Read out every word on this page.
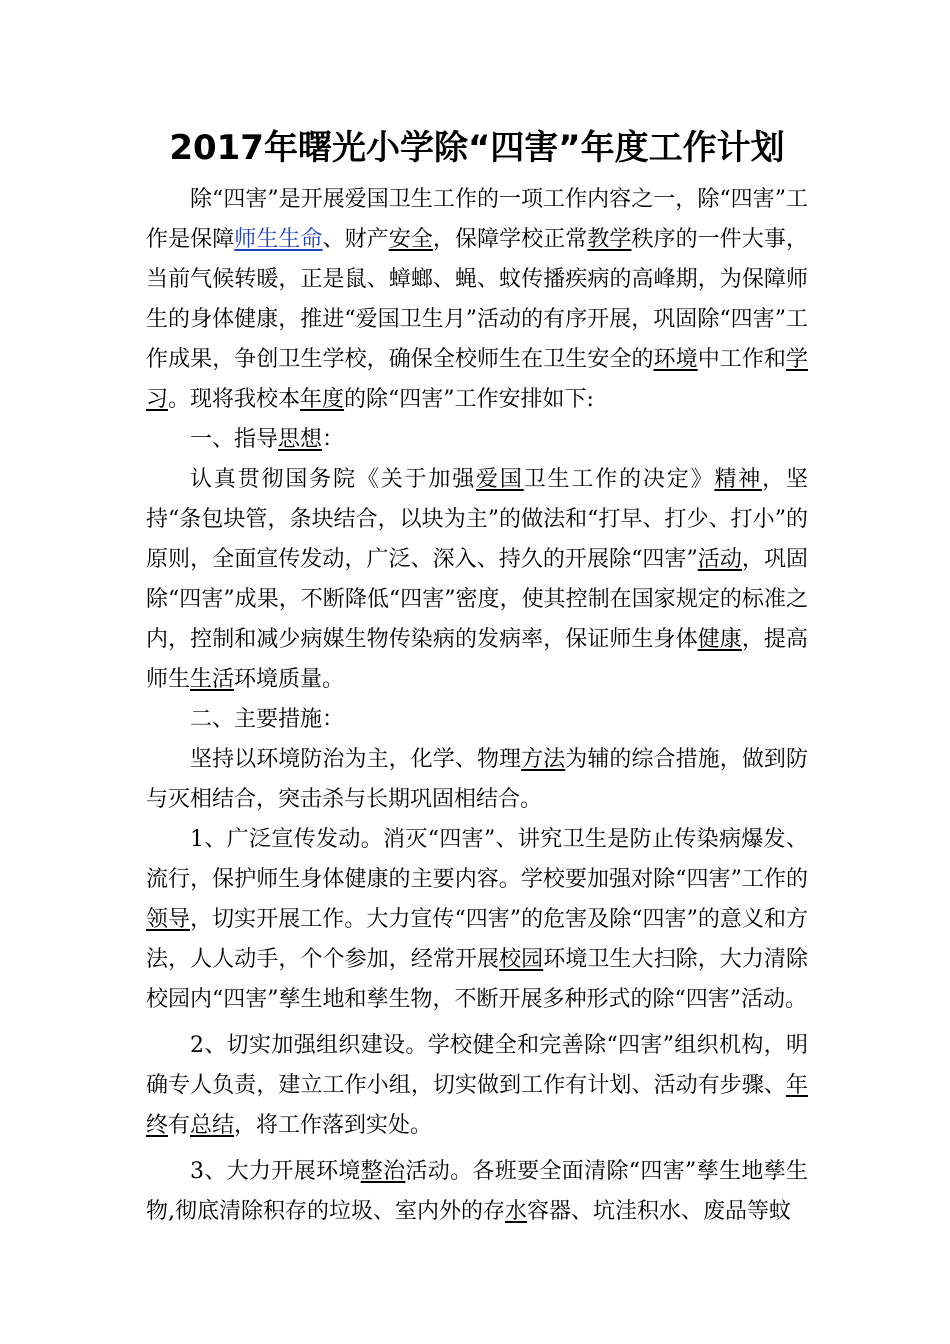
2017年曙光小学除“四害”年度工作计划

除“四害”是开展爱国卫生工作的一项工作内容之一，除“四害”工作是保障师生生命、财产安全，保障学校正常教学秩序的一件大事，当前气候转暖，正是鼠、蟑螂、蝇、蚊传播疾病的高峰期，为保障师生的身体健康，推进“爱国卫生月”活动的有序开展，巩固除“四害”工作成果，争创卫生学校，确保全校师生在卫生安全的环境中工作和学习。现将我校本年度的除“四害”工作安排如下:

一、指导思想：

认真贯彻国务院《关于加强爱国卫生工作的决定》精神，坚持“条包块管，条块结合，以块为主”的做法和“打早、打少、打小”的原则，全面宣传发动，广泛、深入、持久的开展除“四害”活动，巩固除“四害”成果，不断降低“四害”密度，使其控制在国家规定的标准之内，控制和减少病媒生物传染病的发病率，保证师生身体健康，提高师生生活环境质量。

二、主要措施：

坚持以环境防治为主，化学、物理方法为辅的综合措施，做到防与灭相结合，突击杀与长期巩固相结合。

1、广泛宣传发动。消灭“四害”、讲究卫生是防止传染病爆发、流行，保护师生身体健康的主要内容。学校要加强对除“四害”工作的领导，切实开展工作。大力宣传“四害”的危害及除“四害”的意义和方法，人人动手，个个参加，经常开展校园环境卫生大扫除，大力清除校园内“四害”孳生地和孳生物，不断开展多种形式的除“四害”活动。

2、切实加强组织建设。学校健全和完善除“四害”组织机构，明确专人负责，建立工作小组，切实做到工作有计划、活动有步骤、年终有总结，将工作落到实处。

3、大力开展环境整治活动。各班要全面清除“四害”孳生地孳生物,彻底清除积存的垃圾、室内外的存水容器、坑洼积水、废品等蚊
